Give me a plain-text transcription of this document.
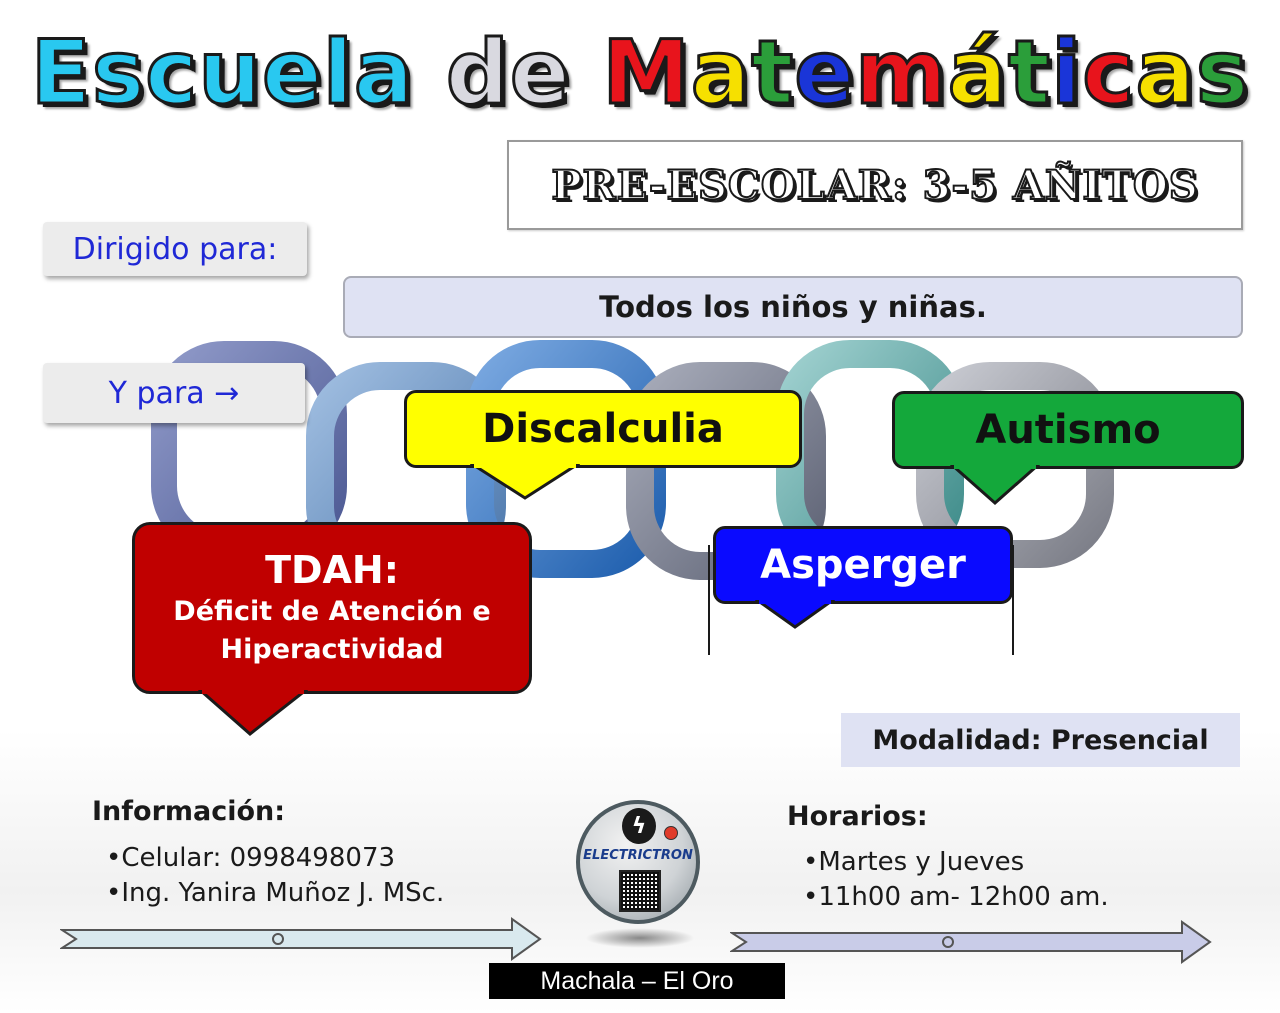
Escuela de Matemáticas
PRE-ESCOLAR: 3-5 AÑITOS
Dirigido para:
Todos los niños y niñas.
Y para →
Discalculia	Autismo
Asperger
TDAH:
Déficit de Atención e
Hiperactividad
Modalidad: Presencial
Información:
•Celular: 0998498073
•Ing. Yanira Muñoz J. MSc.
Horarios:
•Martes y Jueves
•11h00 am- 12h00 am.
ϟ
ELECTRICTRON
Machala – El Oro
